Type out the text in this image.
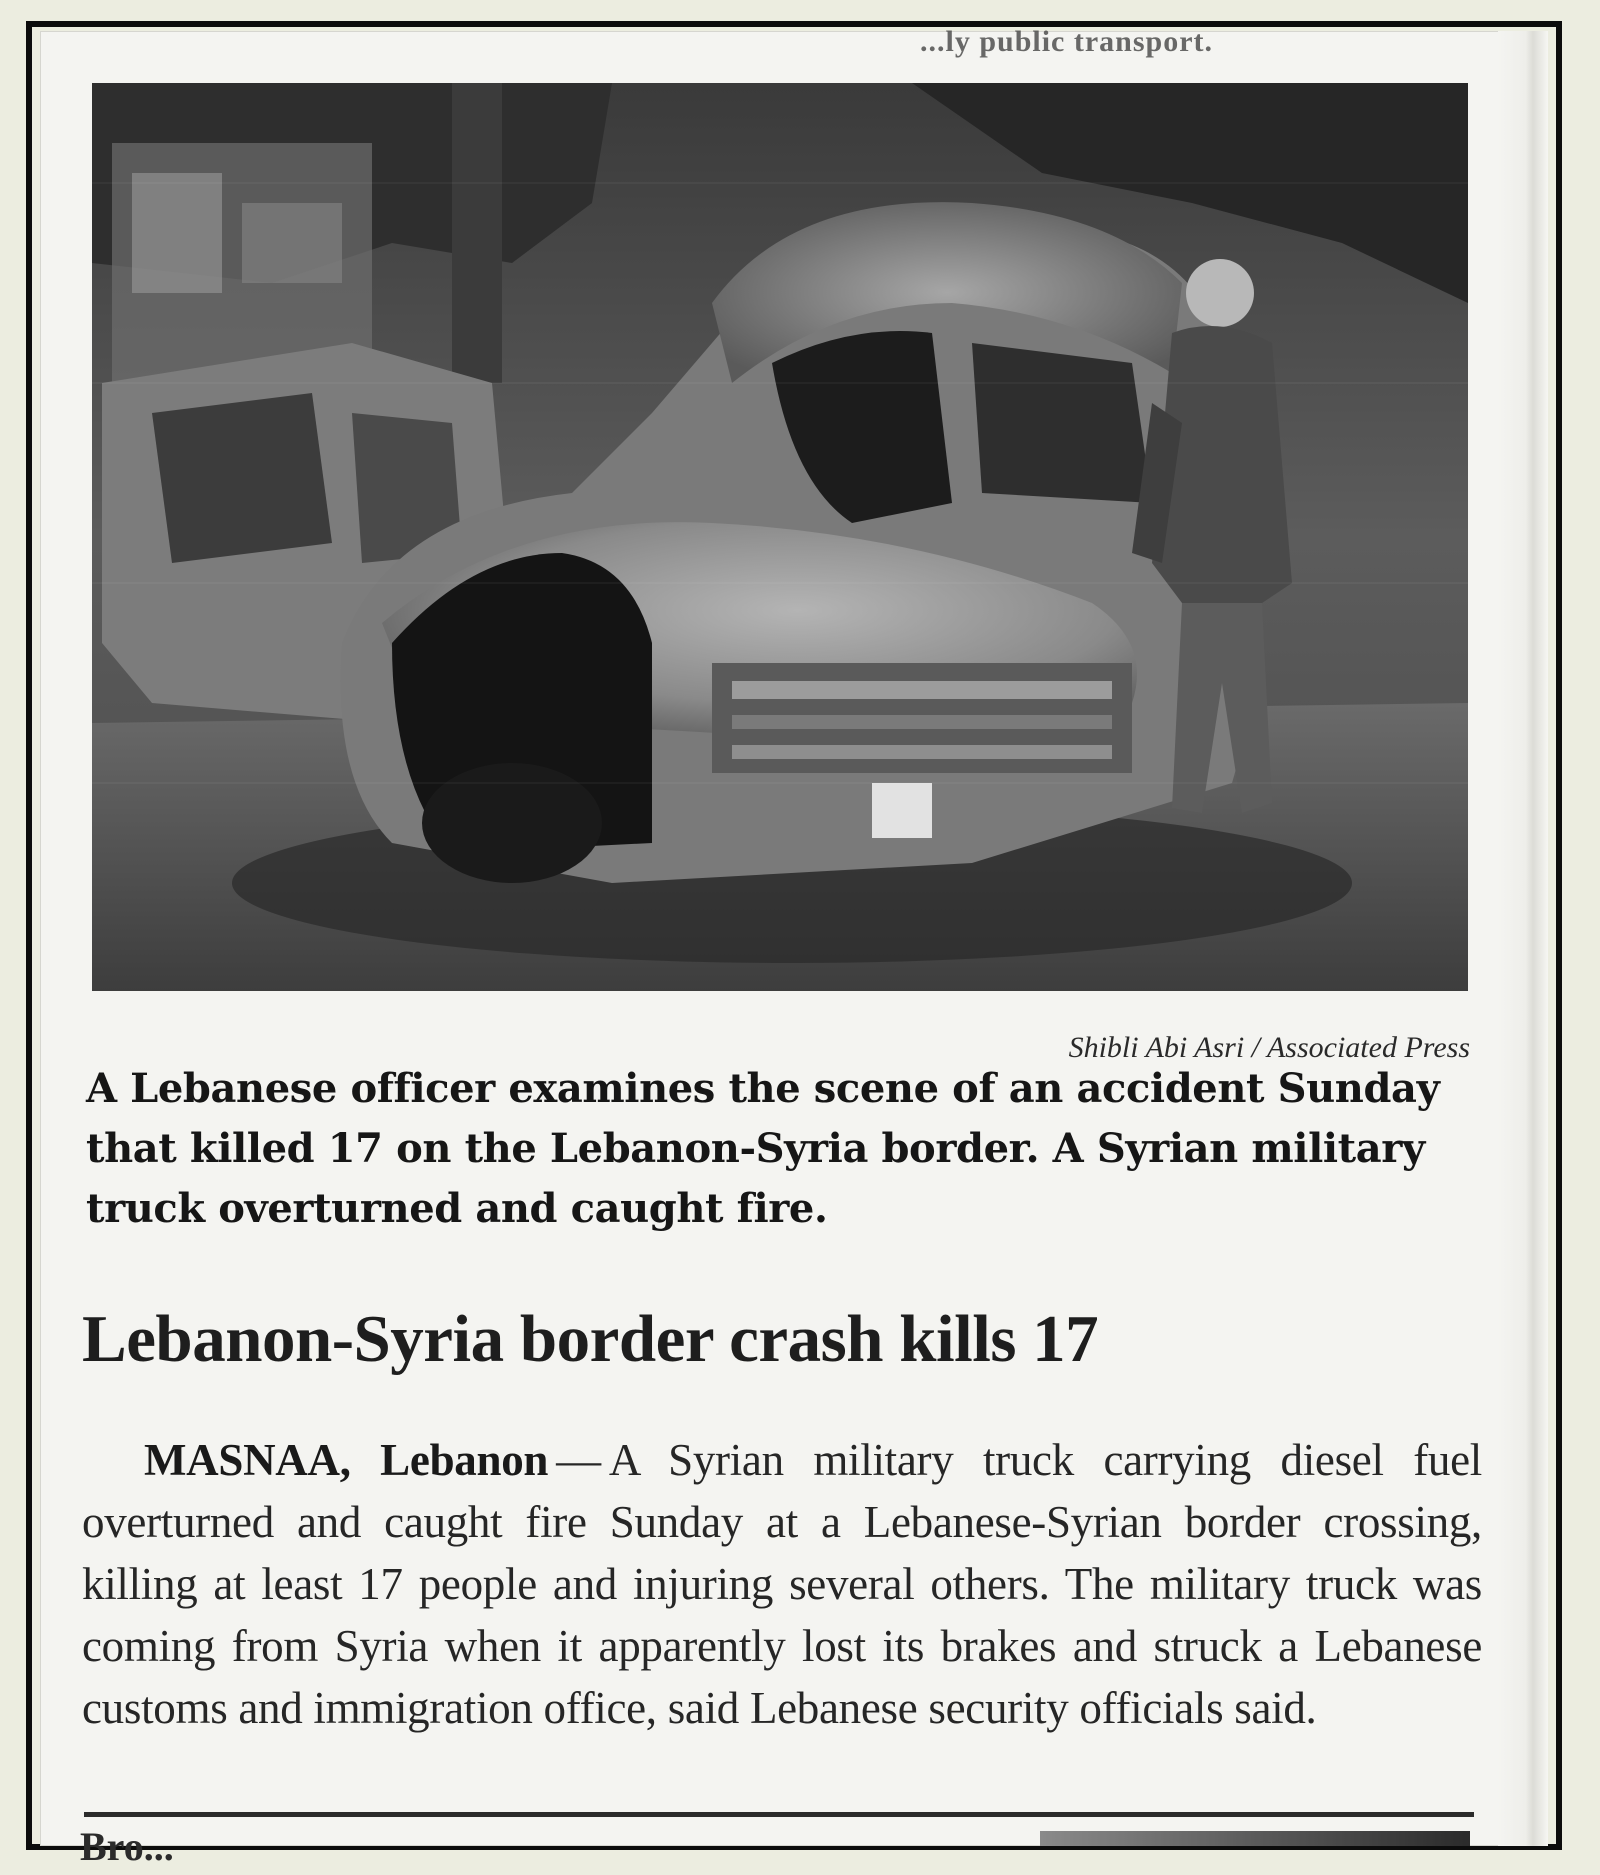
...ly public transport.
Shibli Abi Asri / Associated Press
A Lebanese officer examines the scene of an accident Sunday that killed 17 on the Lebanon-Syria border. A Syrian military truck overturned and caught fire.
Lebanon-Syria border crash kills 17
MASNAA, Lebanon — A Syrian military truck carrying diesel fuel overturned and caught fire Sunday at a Lebanese-Syrian border crossing, killing at least 17 people and injuring several others. The military truck was coming from Syria when it apparently lost its brakes and struck a Lebanese customs and immigration office, said Lebanese security officials said.
Bro...
